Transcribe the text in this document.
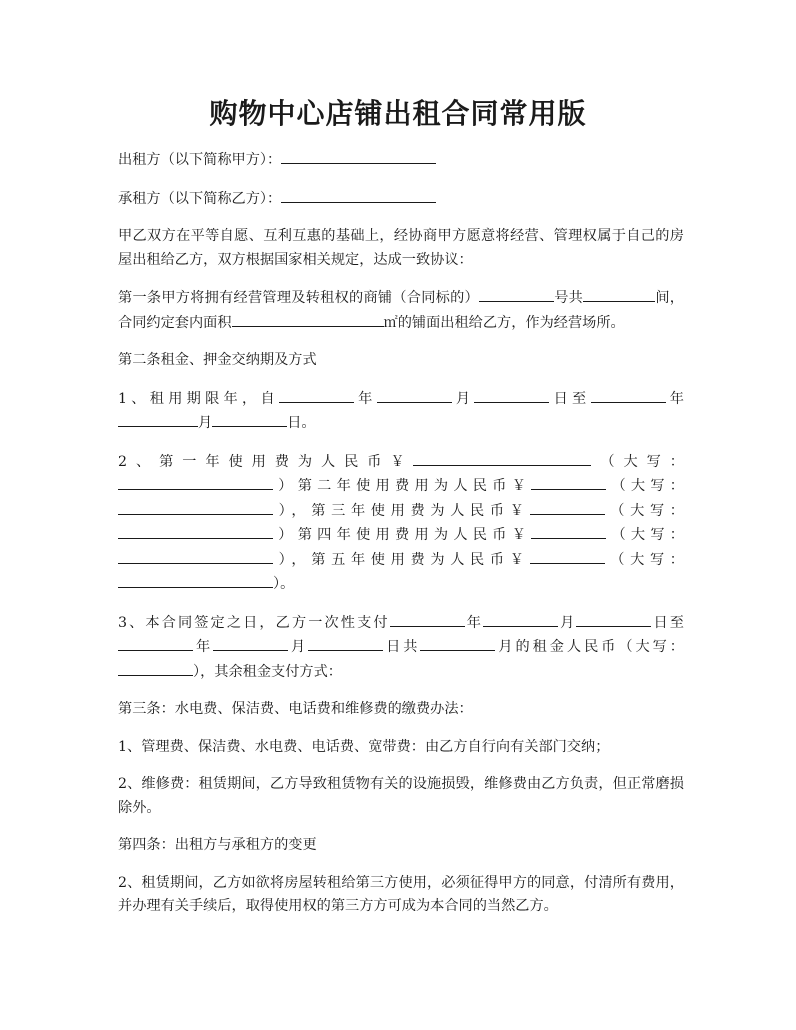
购物中心店铺出租合同常用版

出租方（以下简称甲方）：

承租方（以下简称乙方）：

甲乙双方在平等自愿、互利互惠的基础上，经协商甲方愿意将经营、管理权属于自己的房屋出租给乙方，双方根据国家相关规定，达成一致协议：

第一条甲方将拥有经营管理及转租权的商铺（合同标的）	号共	间，合同约定套内面积	㎡的铺面出租给乙方，作为经营场所。

第二条租金、押金交纳期及方式

1、租用期限年，自	年	月	日至	年月	日。

2、第一年使用费为人民币￥	（大写：）第二年使用费用为人民币￥	（大写：），第三年使用费为人民币￥	（大写：）第四年使用费用为人民币￥	（大写：），第五年使用费为人民币￥	（大写：）。

3、本合同签定之日，乙方一次性支付	年	月	日至年	月	日共	月的租金人民币（大写：），其余租金支付方式：

第三条：水电费、保洁费、电话费和维修费的缴费办法：

1、管理费、保洁费、水电费、电话费、宽带费：由乙方自行向有关部门交纳；

2、维修费：租赁期间，乙方导致租赁物有关的设施损毁，维修费由乙方负责，但正常磨损除外。

第四条：出租方与承租方的变更

2、租赁期间，乙方如欲将房屋转租给第三方使用，必须征得甲方的同意，付清所有费用，并办理有关手续后，取得使用权的第三方方可成为本合同的当然乙方。
